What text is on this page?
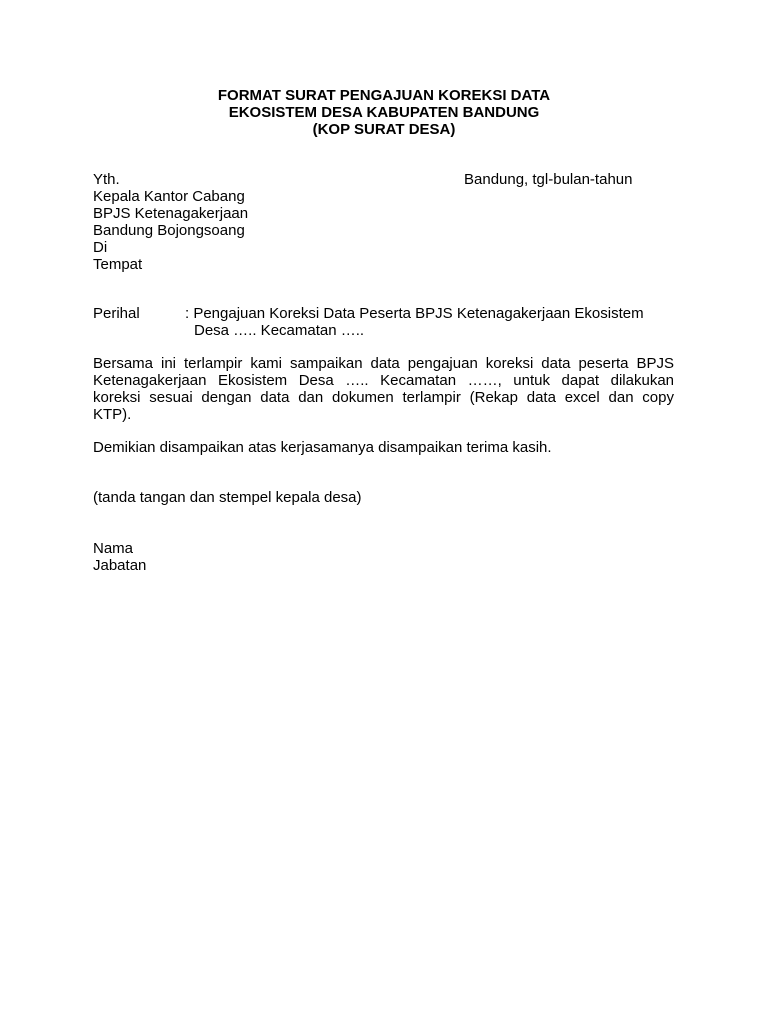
FORMAT SURAT PENGAJUAN KOREKSI DATA
EKOSISTEM DESA KABUPATEN BANDUNG
(KOP SURAT DESA)
Yth.
Kepala Kantor Cabang
BPJS Ketenagakerjaan
Bandung Bojongsoang
Di
Tempat
Bandung, tgl-bulan-tahun
Perihal	: Pengajuan Koreksi Data Peserta BPJS Ketenagakerjaan Ekosistem
Desa ….. Kecamatan …..
Bersama ini terlampir kami sampaikan data pengajuan koreksi data peserta BPJS
Ketenagakerjaan Ekosistem Desa ….. Kecamatan ……, untuk dapat dilakukan
koreksi sesuai dengan data dan dokumen terlampir (Rekap data excel dan copy
KTP).
Demikian disampaikan atas kerjasamanya disampaikan terima kasih.
(tanda tangan dan stempel kepala desa)
Nama
Jabatan
